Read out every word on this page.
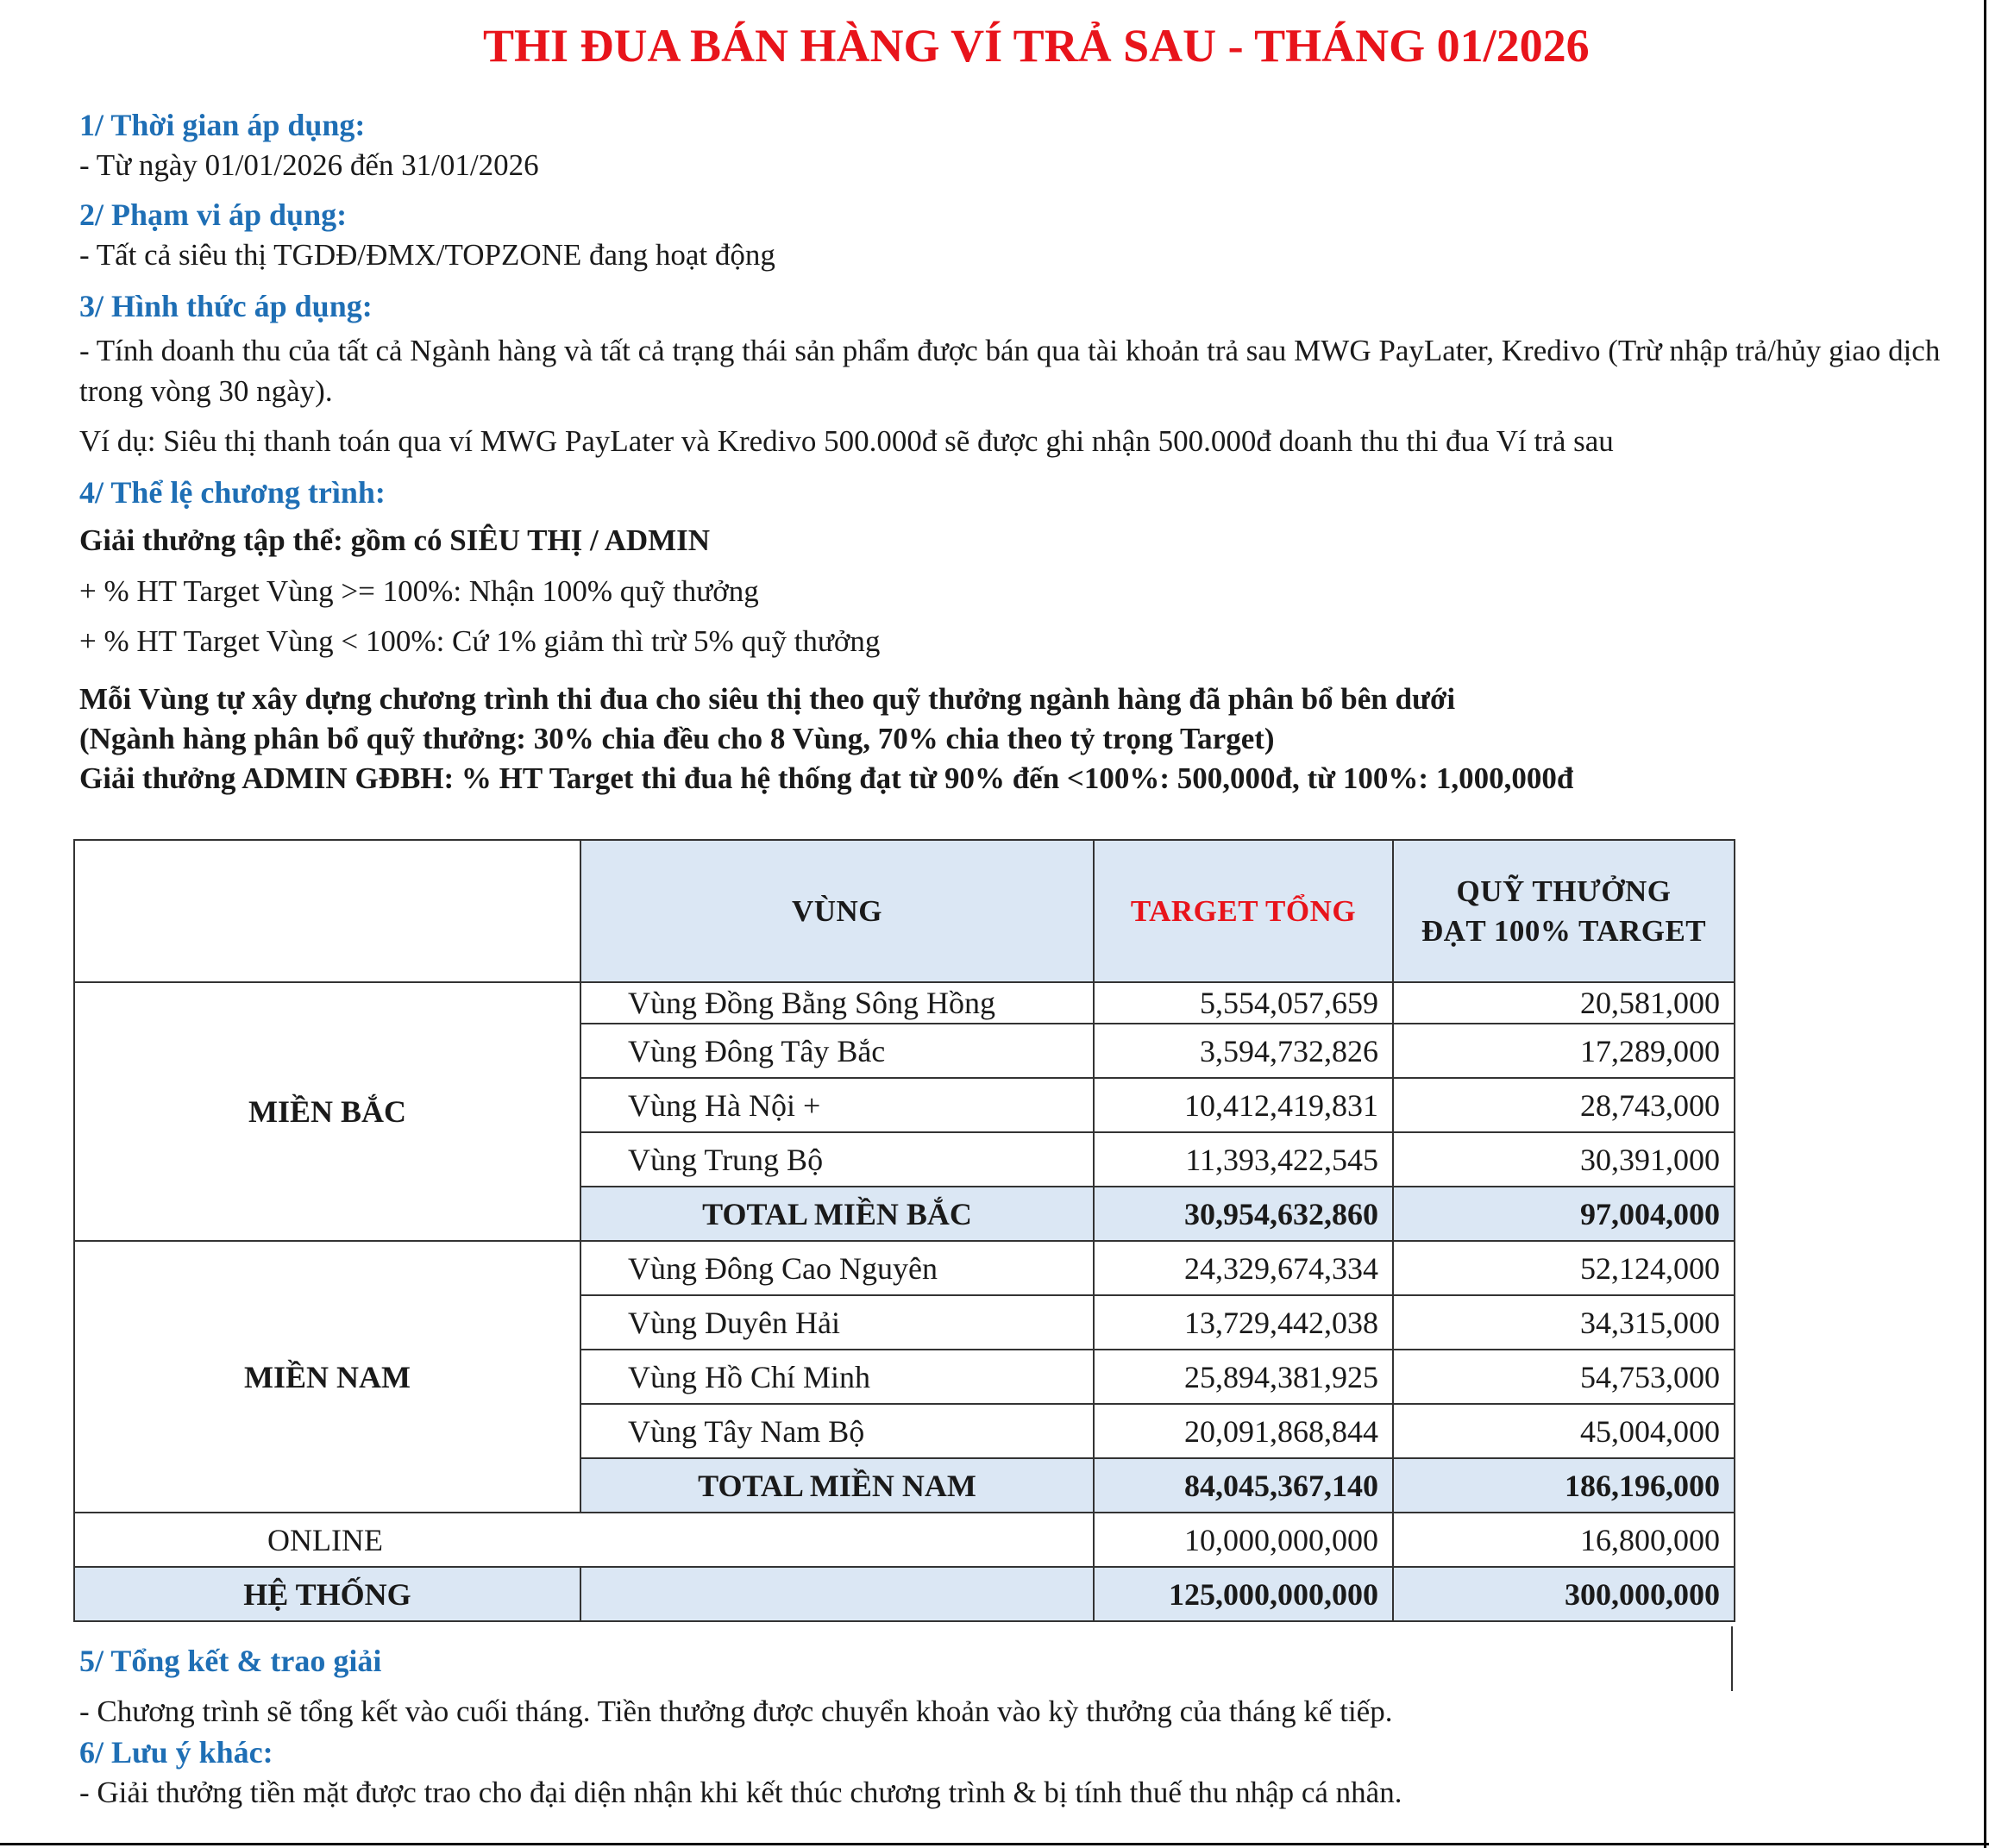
THI ĐUA BÁN HÀNG VÍ TRẢ SAU - THÁNG 01/2026
1/ Thời gian áp dụng:
- Từ ngày 01/01/2026 đến 31/01/2026
2/ Phạm vi áp dụng:
- Tất cả siêu thị TGDĐ/ĐMX/TOPZONE đang hoạt động
3/ Hình thức áp dụng:
- Tính doanh thu của tất cả Ngành hàng và tất cả trạng thái sản phẩm được bán qua tài khoản trả sau MWG PayLater, Kredivo (Trừ nhập trả/hủy giao dịch trong vòng 30 ngày).
Ví dụ: Siêu thị thanh toán qua ví MWG PayLater và Kredivo 500.000đ sẽ được ghi nhận 500.000đ doanh thu thi đua Ví trả sau
4/ Thể lệ chương trình:
Giải thưởng tập thể: gồm có SIÊU THỊ / ADMIN
+ % HT Target Vùng >= 100%: Nhận 100% quỹ thưởng
+ % HT Target Vùng < 100%: Cứ 1% giảm thì trừ 5% quỹ thưởng
Mỗi Vùng tự xây dựng chương trình thi đua cho siêu thị theo quỹ thưởng ngành hàng đã phân bổ bên dưới
(Ngành hàng phân bổ quỹ thưởng: 30% chia đều cho 8 Vùng, 70% chia theo tỷ trọng Target)
Giải thưởng ADMIN GĐBH: % HT Target thi đua hệ thống đạt từ 90% đến <100%: 500,000đ, từ 100%: 1,000,000đ
	VÙNG	TARGET TỔNG	QUỸ THƯỞNG
ĐẠT 100% TARGET

MIỀN BẮC	Vùng Đồng Bằng Sông Hồng	5,554,057,659	20,581,000
	Vùng Đông Tây Bắc	3,594,732,826	17,289,000
	Vùng Hà Nội +	10,412,419,831	28,743,000
	Vùng Trung Bộ	11,393,422,545	30,391,000
	TOTAL MIỀN BẮC	30,954,632,860	97,004,000
MIỀN NAM	Vùng Đông Cao Nguyên	24,329,674,334	52,124,000
	Vùng Duyên Hải	13,729,442,038	34,315,000
	Vùng Hồ Chí Minh	25,894,381,925	54,753,000
	Vùng Tây Nam Bộ	20,091,868,844	45,004,000
	TOTAL MIỀN NAM	84,045,367,140	186,196,000
ONLINE		10,000,000,000	16,800,000
HỆ THỐNG		125,000,000,000	300,000,000
5/ Tổng kết & trao giải
- Chương trình sẽ tổng kết vào cuối tháng. Tiền thưởng được chuyển khoản vào kỳ thưởng của tháng kế tiếp.
6/ Lưu ý khác:
- Giải thưởng tiền mặt được trao cho đại diện nhận khi kết thúc chương trình & bị tính thuế thu nhập cá nhân.
